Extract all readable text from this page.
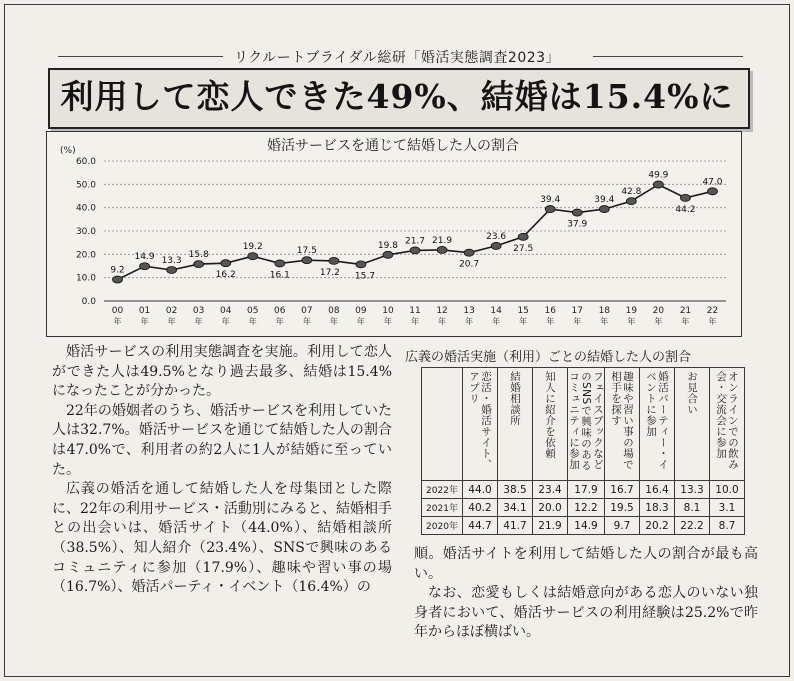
リクルートブライダル総研「婚活実態調査2023」
利用して恋人できた49%、結婚は15.4%に
婚活サービスを通じて結婚した人の割合
0.0
10.0
20.0
30.0
40.0
50.0
60.0
(%)
9.2
00
年
14.9
01
年
13.3
02
年
15.8
03
年
16.2
04
年
19.2
05
年
16.1
06
年
17.5
07
年
17.2
08
年
15.7
09
年
19.8
10
年
21.7
11
年
21.9
12
年
20.7
13
年
23.6
14
年
27.5
15
年
39.4
16
年
37.9
17
年
39.4
18
年
42.8
19
年
49.9
20
年
44.2
21
年
47.0
22
年

婚活サービスの利用実態調査を実施。利用して恋人ができた人は49.5%となり過去最多、結婚は15.4%になったことが分かった。

22年の婚姻者のうち、婚活サービスを利用していた人は32.7%。婚活サービスを通じて結婚した人の割合は47.0%で、利用者の約2人に1人が結婚に至っていた。

広義の婚活を通して結婚した人を母集団とした際に、22年の利用サービス・活動別にみると、結婚相手との出会いは、婚活サイト（44.0%）、結婚相談所（38.5%）、知人紹介（23.4%）、SNSで興味のあるコミュニティに参加（17.9%）、趣味や習い事の場（16.7%）、婚活パーティ・イベント（16.4%）の

広義の婚活実施（利用）ごとの結婚した人の割合

	恋活・婚活サイト、アプリ	結婚相談所	知人に紹介を依頼	フェイスブックなどのSNSで興味のあるコミュニティに参加	趣味や習い事の場で相手を探す	婚活パーティー・イベントに参加	お見合い	オンラインでの飲み会・交流会に参加

2022年	44.0	38.5	23.4	17.9	16.7	16.4	13.3	10.0
2021年	40.2	34.1	20.0	12.2	19.5	18.3	8.1	3.1
2020年	44.7	41.7	21.9	14.9	9.7	20.2	22.2	8.7

順。婚活サイトを利用して結婚した人の割合が最も高い。

なお、恋愛もしくは結婚意向がある恋人のいない独身者において、婚活サービスの利用経験は25.2%で昨年からほぼ横ばい。
